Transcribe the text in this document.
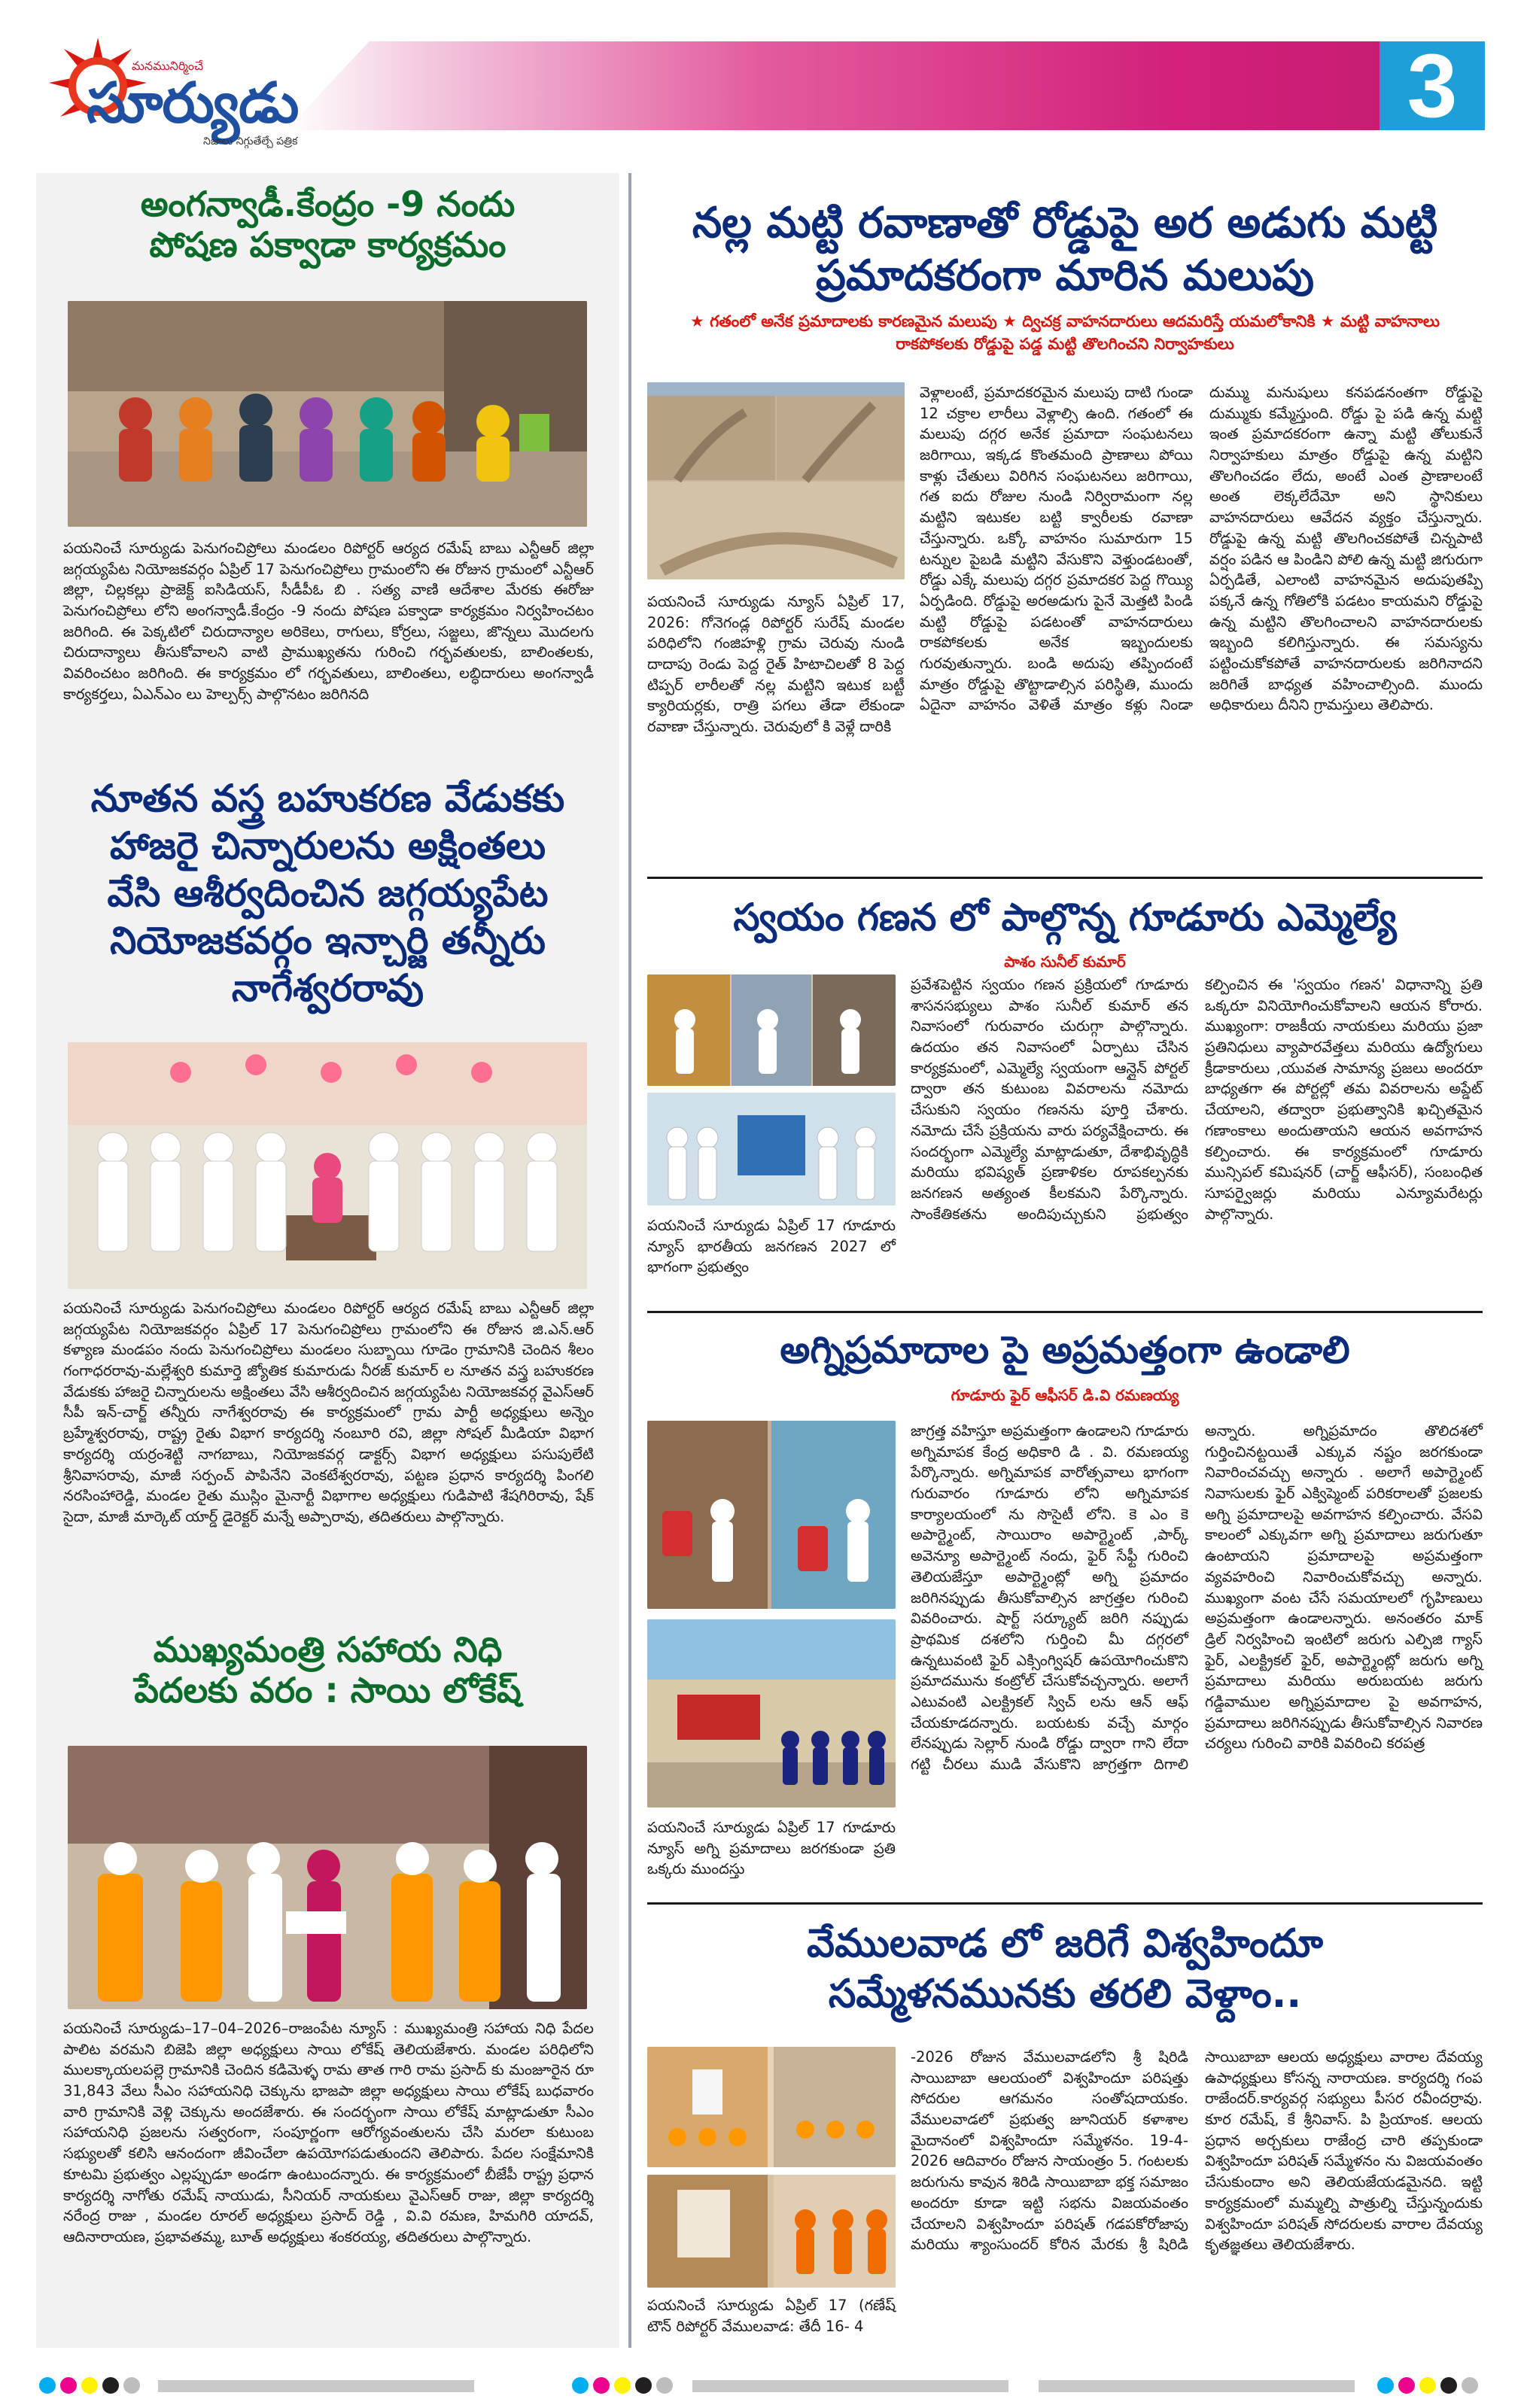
మనమునిర్మించే
సూర్యుడు
నిజాలు నిగ్గుతేల్చే పత్రిక
3
అంగన్వాడీ.కేంద్రం -9 నందు
పోషణ పక్వాడా కార్యక్రమం

పయనించే సూర్యుడు పెనుగంచిప్రోలు మండలం రిపోర్టర్ ఆర్యద రమేష్ బాబు ఎన్టీఆర్ జిల్లా జగ్గయ్యపేట నియోజకవర్గం ఏప్రిల్ 17 పెనుగంచిప్రోలు గ్రామంలోని ఈ రోజున గ్రామంలో ఎన్టీఆర్ జిల్లా, చిల్లకల్లు ప్రాజెక్ట్ ఐసిడియస్, సీడీపీఓ బి . సత్య వాణి ఆదేశాల మేరకు ఈరోజు పెనుగంచిప్రోలు లోని అంగన్వాడీ.కేంద్రం -9 నందు పోషణ పక్వాడా కార్యక్రమం నిర్వహించటం జరిగింది. ఈ పెక్కటిలో చిరుదాన్యాల అరికెలు, రాగులు, కోర్రలు, సజ్జలు, జొన్నలు మొదలగు చిరుదాన్యాలు తీసుకోవాలని వాటి ప్రాముఖ్యతను గురించి గర్భవతులకు, బాలింతలకు, వివరించటం జరిగింది. ఈ కార్యక్రమం లో గర్భవతులు, బాలింతలు, లబ్ధిదారులు అంగన్వాడీ కార్యకర్తలు, ఏఎన్ఎం లు హెల్పర్స్ పాల్గొనటం జరిగినది

నూతన వస్త్ర బహుకరణ వేడుకకు
హాజరై చిన్నారులను అక్షింతలు
వేసి ఆశీర్వదించిన జగ్గయ్యపేట
నియోజకవర్గం ఇన్చార్జి తన్నీరు
నాగేశ్వరరావు

పయనించే సూర్యుడు పెనుగంచిప్రోలు మండలం రిపోర్టర్ ఆర్యద రమేష్ బాబు ఎన్టీఆర్ జిల్లా జగ్గయ్యపేట నియోజకవర్గం ఏప్రిల్ 17 పెనుగంచిప్రోలు గ్రామంలోని ఈ రోజున జి.ఎన్.ఆర్ కళ్యాణ మండపం నందు పెనుగంచిప్రోలు మండలం సుబ్బాయి గూడెం గ్రామానికి చెందిన శీలం గంగాధరరావు-మల్లేశ్వరి కుమార్తె జ్యోతిక కుమారుడు నీరజ్ కుమార్ ల నూతన వస్త్ర బహుకరణ వేడుకకు హాజరై చిన్నారులను అక్షింతలు వేసి ఆశీర్వదించిన జగ్గయ్యపేట నియోజకవర్గ వైఎస్ఆర్ సీపీ ఇన్-చార్జ్ తన్నీరు నాగేశ్వరరావు ఈ కార్యక్రమంలో గ్రామ పార్టీ అధ్యక్షులు అన్నెం బ్రహ్మేశ్వరరావు, రాష్ట్ర రైతు విభాగ కార్యదర్శి నంబూరి రవి, జిల్లా సోషల్ మీడియా విభాగ కార్యదర్శి యర్రంశెట్టి నాగబాబు, నియోజకవర్గ డాక్టర్స్ విభాగ అధ్యక్షులు పసుపులేటి శ్రీనివాసరావు, మాజీ సర్పంచ్ పాపినేని వెంకటేశ్వరరావు, పట్టణ ప్రధాన కార్యదర్శి పింగలి నరసింహారెడ్డి, మండల రైతు ముస్లిం మైనార్టీ విభాగాల అధ్యక్షులు గుడిపాటి శేషగిరిరావు, షేక్ సైదా, మాజీ మార్కెట్ యార్డ్ డైరెక్టర్ మన్నే అప్పారావు, తదితరులు పాల్గొన్నారు.

ముఖ్యమంత్రి సహాయ నిధి
పేదలకు వరం : సాయి లోకేష్

పయనించే సూర్యుడు–17–04–2026–రాజంపేట న్యూస్ : ముఖ్యమంత్రి సహాయ నిధి పేదల పాలిట వరమని బిజెపి జిల్లా అధ్యక్షులు సాయి లోకేష్ తెలియజేశారు. మండల పరిధిలోని ములక్కాయలపల్లె గ్రామానికి చెందిన కడిమెళ్ళ రామ తాత గారి రామ ప్రసాద్ కు మంజూరైన రూ 31,843 వేలు సీఎం సహాయనిధి చెక్కును భాజపా జిల్లా అధ్యక్షులు సాయి లోకేష్ బుధవారం వారి గ్రామానికి వెళ్లి చెక్కును అందజేశారు. ఈ సందర్భంగా సాయి లోకేష్ మాట్లాడుతూ సీఎం సహాయనిధి ప్రజలను సత్వరంగా, సంపూర్ణంగా ఆరోగ్యవంతులను చేసి మరలా కుటుంబ సభ్యులతో కలిసి ఆనందంగా జీవించేలా ఉపయోగపడుతుందని తెలిపారు. పేదల సంక్షేమానికి కూటమి ప్రభుత్వం ఎల్లప్పుడూ అండగా ఉంటుందన్నారు. ఈ కార్యక్రమంలో బీజేపీ రాష్ట్ర ప్రధాన కార్యదర్శి నాగోతు రమేష్ నాయుడు, సీనియర్ నాయకులు వైఎస్ఆర్ రాజు, జిల్లా కార్యదర్శి నరేంద్ర రాజు , మండల రూరల్ అధ్యక్షులు ప్రసాద్ రెడ్డి , వి.వి రమణ, హిమగిరి యాదవ్, ఆదినారాయణ, ప్రభావతమ్మ, బూత్ అధ్యక్షులు శంకరయ్య, తదితరులు పాల్గొన్నారు.

నల్ల మట్టి రవాణాతో రోడ్డుపై అర అడుగు మట్టి
ప్రమాదకరంగా మారిన మలుపు

★ గతంలో అనేక ప్రమాదాలకు కారణమైన మలుపు ★ ద్విచక్ర వాహనదారులు ఆదమరిస్తే యమలోకానికి ★ మట్టి వాహనాలు రాకపోకలకు రోడ్డుపై పడ్డ మట్టి తొలగించని నిర్వాహకులు

పయనించే సూర్యుడు న్యూస్ ఏప్రిల్ 17, 2026: గోనెగండ్ల రిపోర్టర్ సురేష్ మండల పరిధిలోని గంజిహళ్లి గ్రామ చెరువు నుండి దాదాపు రెండు పెద్ద రైత్ హిటాచిలతో 8 పెద్ద టిప్పర్ లారీలతో నల్ల మట్టిని ఇటుక బట్టీ క్యారియర్లకు, రాత్రి పగలు తేడా లేకుండా రవాణా చేస్తున్నారు. చెరువులో కి వెళ్లే దారికి

వెళ్లాలంటే, ప్రమాదకరమైన మలుపు దాటి గుండా 12 చక్రాల లారీలు వెళ్లాల్సి ఉంది. గతంలో ఈ మలుపు దగ్గర అనేక ప్రమాదా సంఘటనలు జరిగాయి, ఇక్కడ కొంతమంది ప్రాణాలు పోయి కాళ్లు చేతులు విరిగిన సంఘటనలు జరిగాయి, గత ఐదు రోజుల నుండి నిర్విరామంగా నల్ల మట్టిని ఇటుకల బట్టి క్వారీలకు రవాణా చేస్తున్నారు. ఒక్కో వాహనం సుమారుగా 15 టన్నుల పైబడి మట్టిని వేసుకొని వెళ్తుండటంతో, రోడ్డు ఎక్కే మలుపు దగ్గర ప్రమాదకర పెద్ద గొయ్యి ఏర్పడింది. రోడ్డుపై అరఅడుగు పైనే మెత్తటి పిండి మట్టి రోడ్డుపై పడటంతో వాహనదారులు రాకపోకలకు అనేక ఇబ్బందులకు గురవుతున్నారు. బండి అదుపు తప్పిందంటే మాత్రం రోడ్డుపై తొట్టాడాల్సిన పరిస్థితి, ముందు ఏదైనా వాహనం వెళితే మాత్రం కళ్లు నిండా దుమ్ము మనుషులు కనపడనంతగా రోడ్డుపై దుమ్ముకు కమ్మేస్తుంది. రోడ్డు పై పడి ఉన్న మట్టి ఇంత ప్రమాదకరంగా ఉన్నా మట్టి తోలుకునే నిర్వాహకులు మాత్రం రోడ్డుపై ఉన్న మట్టిని తొలగించడం లేదు, అంటే ఎంత ప్రాణాలంటే అంత లెక్కలేదేమో అని స్థానికులు వాహనదారులు ఆవేదన వ్యక్తం చేస్తున్నారు. రోడ్డుపై ఉన్న మట్టి తొలగించకపోతే చిన్నపాటి వర్షం పడిన ఆ పిండిని పోలి ఉన్న మట్టి జిగురుగా ఏర్పడితే, ఎలాంటి వాహనమైన అదుపుతప్పి పక్కనే ఉన్న గోతిలోకి పడటం కాయమని రోడ్డుపై ఉన్న మట్టిని తొలగించాలని వాహనదారులకు ఇబ్బంది కలిగిస్తున్నారు. ఈ సమస్యను పట్టించుకోకపోతే వాహనదారులకు జరిగినాదని జరిగితే బాధ్యత వహించాల్సింది. ముందు అధికారులు దీనిని గ్రామస్తులు తెలిపారు.
స్వయం గణన లో పాల్గొన్న గూడూరు ఎమ్మెల్యే

పాశం సునీల్ కుమార్

పయనించే సూర్యుడు ఏప్రిల్ 17 గూడూరు న్యూస్ భారతీయ జనగణన 2027 లో భాగంగా ప్రభుత్వం

ప్రవేశపెట్టిన స్వయం గణన ప్రక్రియలో గూడూరు శాసనసభ్యులు పాశం సునీల్ కుమార్ తన నివాసంలో గురువారం చురుగ్గా పాల్గొన్నారు. ఉదయం తన నివాసంలో ఏర్పాటు చేసిన కార్యక్రమంలో, ఎమ్మెల్యే స్వయంగా ఆన్లైన్ పోర్టల్ ద్వారా తన కుటుంబ వివరాలను నమోదు చేసుకుని స్వయం గణనను పూర్తి చేశారు. నమోదు చేసే ప్రక్రియను వారు పర్యవేక్షించారు. ఈ సందర్భంగా ఎమ్మెల్యే మాట్లాడుతూ, దేశాభివృద్ధికి మరియు భవిష్యత్ ప్రణాళికల రూపకల్పనకు జనగణన అత్యంత కీలకమని పేర్కొన్నారు. సాంకేతికతను అందిపుచ్చుకుని ప్రభుత్వం కల్పించిన ఈ 'స్వయం గణన' విధానాన్ని ప్రతి ఒక్కరూ వినియోగించుకోవాలని ఆయన కోరారు. ముఖ్యంగా: రాజకీయ నాయకులు మరియు ప్రజా ప్రతినిధులు వ్యాపారవేత్తలు మరియు ఉద్యోగులు క్రీడాకారులు ,యువత సామాన్య ప్రజలు అందరూ బాధ్యతగా ఈ పోర్టల్లో తమ వివరాలను అప్డేట్ చేయాలని, తద్వారా ప్రభుత్వానికి ఖచ్చితమైన గణాంకాలు అందుతాయని ఆయన అవగాహన కల్పించారు. ఈ కార్యక్రమంలో గూడూరు మున్సిపల్ కమిషనర్ (చార్జ్ ఆఫీసర్), సంబంధిత సూపర్వైజర్లు మరియు ఎన్యూమరేటర్లు పాల్గొన్నారు.
అగ్నిప్రమాదాల పై అప్రమత్తంగా ఉండాలి

గూడూరు ఫైర్ ఆఫీసర్ డి.వి రమణయ్య

పయనించే సూర్యుడు ఏప్రిల్ 17 గూడూరు న్యూస్ అగ్ని ప్రమాదాలు జరగకుండా ప్రతి ఒక్కరు ముందస్తు

జాగ్రత్త వహిస్తూ అప్రమత్తంగా ఉండాలని గూడూరు అగ్నిమాపక కేంద్ర అధికారి డి . వి. రమణయ్య పేర్కొన్నారు. అగ్నిమాపక వారోత్సవాలు భాగంగా గురువారం గూడూరు లోని అగ్నిమాపక కార్యాలయంలో ను సొసైటీ లోని. కె ఎం కె అపార్ట్మెంట్, సాయిరాం అపార్ట్మెంట్ ,పార్క్ అవెన్యూ అపార్ట్మెంట్ నందు, ఫైర్ సేఫ్టీ గురించి తెలియజేస్తూ అపార్ట్మెంట్లో అగ్ని ప్రమాదం జరిగినప్పుడు తీసుకోవాల్సిన జాగ్రత్తల గురించి వివరించారు. షార్ట్ సర్క్యూట్ జరిగి నప్పుడు ప్రాథమిక దశలోని గుర్తించి మీ దగ్గరలో ఉన్నటువంటి ఫైర్ ఎక్సింగ్విషర్ ఉపయోగించుకొని ప్రమాదమును కంట్రోల్ చేసుకోవచ్చన్నారు. అలాగే ఎటువంటి ఎలక్ట్రికల్ స్విచ్ లను ఆన్ ఆఫ్ చేయకూడదన్నారు. బయటకు వచ్చే మార్గం లేనప్పుడు సెల్లార్ నుండి రోడ్డు ద్వారా గాని లేదా గట్టి చీరలు ముడి వేసుకొని జాగ్రత్తగా దిగాలి అన్నారు. అగ్నిప్రమాదం తొలిదశలో గుర్తించినట్టయితే ఎక్కువ నష్టం జరగకుండా నివారించవచ్చు అన్నారు . అలాగే అపార్ట్మెంట్ నివాసులకు ఫైర్ ఎక్విప్మెంట్ పరికరాలతో ప్రజలకు అగ్ని ప్రమాదాలపై అవగాహన కల్పించారు. వేసవి కాలంలో ఎక్కువగా అగ్ని ప్రమాదాలు జరుగుతూ ఉంటాయని ప్రమాదాలపై అప్రమత్తంగా వ్యవహరించి నివారించుకోవచ్చు అన్నారు. ముఖ్యంగా వంట చేసే సమయాలలో గృహిణులు అప్రమత్తంగా ఉండాలన్నారు. అనంతరం మాక్ డ్రిల్ నిర్వహించి ఇంటిలో జరుగు ఎల్పిజి గ్యాస్ ఫైర్, ఎలక్ట్రికల్ ఫైర్, అపార్ట్మెంట్లో జరుగు అగ్ని ప్రమాదాలు మరియు అరుబయట జరుగు గడ్డివాముల అగ్నిప్రమాదాల పై అవగాహన, ప్రమాదాలు జరిగినప్పుడు తీసుకోవాల్సిన నివారణ చర్యలు గురించి వారికి వివరించి కరపత్ర
వేములవాడ లో జరిగే విశ్వహిందూ
సమ్మేళనమునకు తరలి వెళ్దాం..

పయనించే సూర్యుడు ఏప్రిల్ 17 (గణేష్ టౌన్ రిపోర్టర్ వేములవాడ: తేదీ 16- 4

-2026 రోజున వేములవాడలోని శ్రీ షిరిడి సాయిబాబా ఆలయంలో విశ్వహిందూ పరిషత్తు సోదరుల ఆగమనం సంతోషదాయకం. వేములవాడలో ప్రభుత్వ జూనియర్ కళాశాల మైదానంలో విశ్వహిందూ సమ్మేళనం. 19-4- 2026 ఆదివారం రోజున సాయంత్రం 5. గంటలకు జరుగును కావున శిరిడి సాయిబాబా భక్త సమాజం అందరూ కూడా ఇట్టి సభను విజయవంతం చేయాలని విశ్వహిందూ పరిషత్ గడపకోరోజాపు మరియు శ్యాంసుందర్ కోరిన మేరకు శ్రీ షిరిడి సాయిబాబా ఆలయ అధ్యక్షులు వారాల దేవయ్య ఉపాధ్యక్షులు కోసన్న నారాయణ. కార్యదర్శి గంప రాజేందర్.కార్యవర్గ సభ్యులు పీసర రవీందర్రావు. కూర రమేష్, కే శ్రీనివాస్. పి ప్రియాంక. ఆలయ ప్రధాన అర్చకులు రాజేంద్ర చారి తప్పకుండా విశ్వహిందూ పరిషత్ సమ్మేళనం ను విజయవంతం చేసుకుందాం అని తెలియజేయడమైనది. ఇట్టి కార్యక్రమంలో మమ్మల్ని పాత్రుల్ని చేస్తున్నందుకు విశ్వహిందూ పరిషత్ సోదరులకు వారాల దేవయ్య కృతజ్ఞతలు తెలియజేశారు.
